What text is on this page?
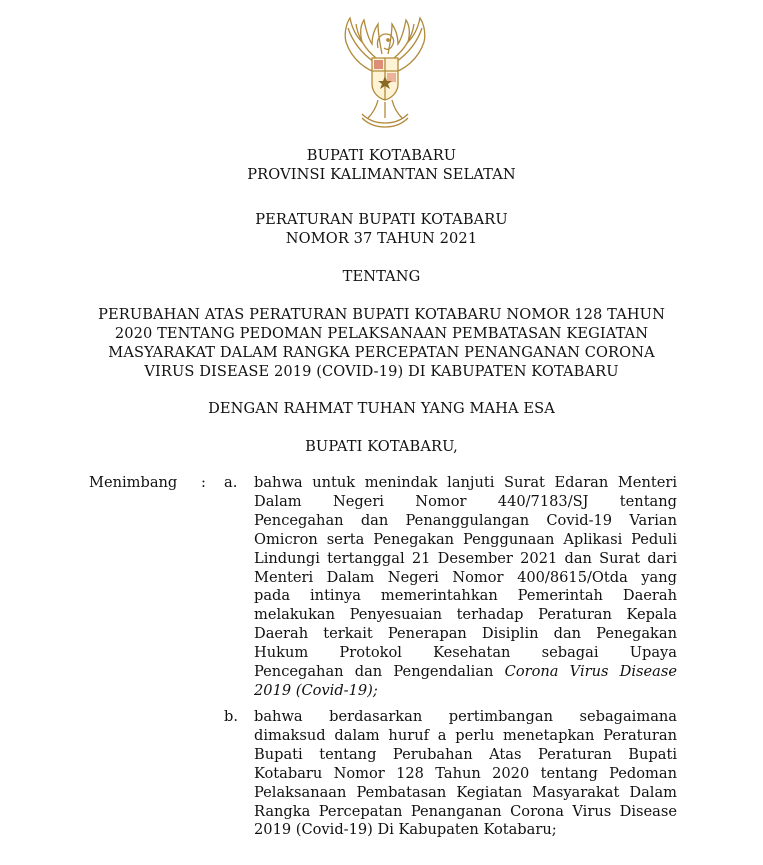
BUPATI KOTABARU
PROVINSI KALIMANTAN SELATAN
PERATURAN BUPATI KOTABARU
NOMOR 37 TAHUN 2021
TENTANG
PERUBAHAN ATAS PERATURAN BUPATI KOTABARU NOMOR 128 TAHUN
2020 TENTANG PEDOMAN PELAKSANAAN PEMBATASAN KEGIATAN
MASYARAKAT DALAM RANGKA PERCEPATAN PENANGANAN CORONA
VIRUS DISEASE 2019 (COVID-19) DI KABUPATEN KOTABARU
DENGAN RAHMAT TUHAN YANG MAHA ESA
BUPATI KOTABARU,
Menimbang : a. bahwa untuk menindak lanjuti Surat Edaran Menteri
Dalam Negeri Nomor 440/7183/SJ tentang
Pencegahan dan Penanggulangan Covid-19 Varian
Omicron serta Penegakan Penggunaan Aplikasi Peduli
Lindungi tertanggal 21 Desember 2021 dan Surat dari
Menteri Dalam Negeri Nomor 400/8615/Otda yang
pada intinya memerintahkan Pemerintah Daerah
melakukan Penyesuaian terhadap Peraturan Kepala
Daerah terkait Penerapan Disiplin dan Penegakan
Hukum Protokol Kesehatan sebagai Upaya
Pencegahan dan Pengendalian Corona Virus Disease
2019 (Covid-19);
b. bahwa berdasarkan pertimbangan sebagaimana
dimaksud dalam huruf a perlu menetapkan Peraturan
Bupati tentang Perubahan Atas Peraturan Bupati
Kotabaru Nomor 128 Tahun 2020 tentang Pedoman
Pelaksanaan Pembatasan Kegiatan Masyarakat Dalam
Rangka Percepatan Penanganan Corona Virus Disease
2019 (Covid-19) Di Kabupaten Kotabaru;
